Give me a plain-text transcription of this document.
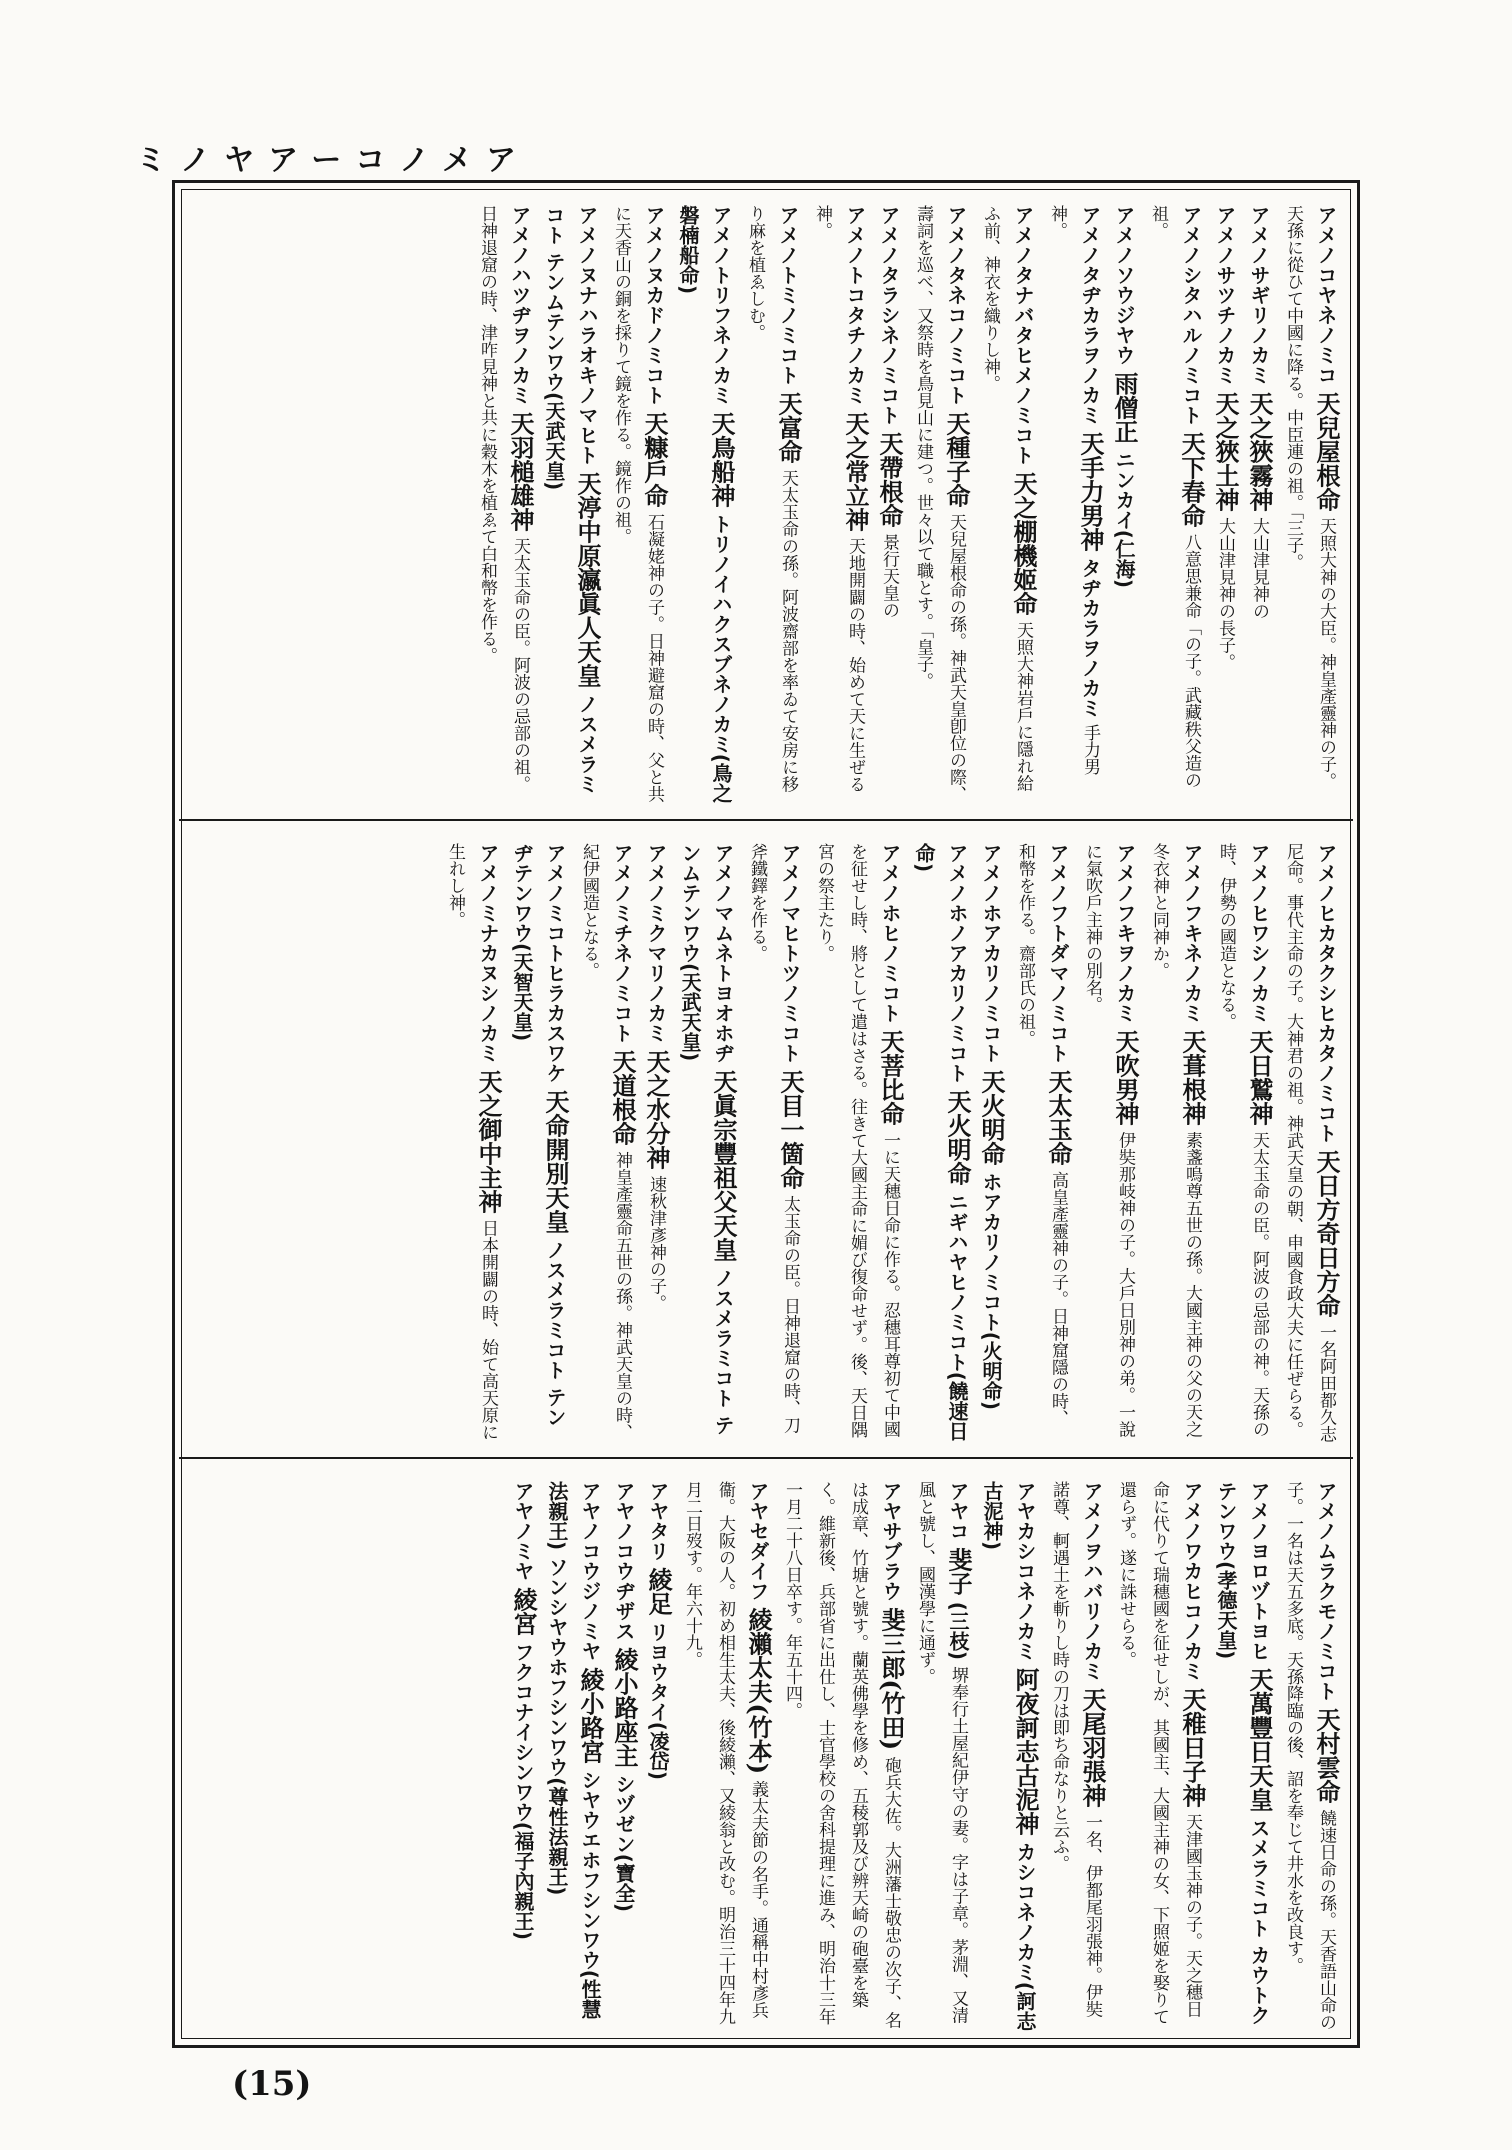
アメノコーアヤノミ
アメノコヤネノミコ 天兒屋根命 天照大神の大臣。神皇產靈神の子。天孫に從ひて中國に降る。中臣連の祖。「三子。
アメノサギリノカミ 天之狹霧神 大山津見神の
アメノサツチノカミ 天之狹土神 大山津見神の長子。
アメノシタハルノミコト 天下春命 八意思兼命「の子。武藏秩父造の祖。
アメノソウジヤウ 雨僧正 ニンカイ(仁海)
アメノタヂカラヲノカミ 天手力男神 タヂカラヲノカミ 手力男神。
アメノタナバタヒメノミコト 天之棚機姬命 天照大神岩戶に隱れ給ふ前、神衣を織りし神。
アメノタネコノミコト 天種子命 天兒屋根命の孫。神武天皇卽位の際、壽詞を巡べ、又祭時を鳥見山に建つ。世々以て職とす。「皇子。
アメノタラシネノミコト 天帶根命 景行天皇の
アメノトコタチノカミ 天之常立神 天地開闢の時、始めて天に生ぜる神。
アメノトミノミコト 天富命 天太玉命の孫。阿波齋部を率ゐて安房に移り麻を植ゑしむ。
アメノトリフネノカミ 天鳥船神 トリノイハクスブネノカミ(鳥之磐楠船命)
アメノヌカドノミコト 天糠戶命 石凝姥神の子。日神避窟の時、父と共に天香山の銅を採りて鏡を作る。鏡作の祖。
アメノヌナハラオキノマヒト 天渟中原瀛眞人天皇 ノスメラミコト テンムテンワウ(天武天皇)
アメノハツヂヲノカミ 天羽槌雄神 天太玉命の臣。阿波の忌部の祖。日神退窟の時、津咋見神と共に穀木を植ゑて白和幣を作る。
アメノヒカタクシヒカタノミコト 天日方奇日方命 一名阿田都久志尼命。事代主命の子。大神君の祖。神武天皇の朝、申國食政大夫に任ぜらる。
アメノヒワシノカミ 天日鷲神 天太玉命の臣。阿波の忌部の神。天孫の時、伊勢の國造となる。
アメノフキネノカミ 天葺根神 素盞嗚尊五世の孫。大國主神の父の天之冬衣神と同神か。
アメノフキヲノカミ 天吹男神 伊奘那岐神の子。大戶日別神の弟。一說に氣吹戶主神の別名。
アメノフトダマノミコト 天太玉命 高皇產靈神の子。日神窟隱の時、和幣を作る。齋部氏の祖。
アメノホアカリノミコト 天火明命 ホアカリノミコト(火明命)
アメノホノアカリノミコト 天火明命 ニギハヤヒノミコト(饒速日命)
アメノホヒノミコト 天菩比命 一に天穗日命に作る。忍穗耳尊初て中國を征せし時、將として遣はさる。往きて大國主命に媚び復命せず。後、天日隅宮の祭主たり。
アメノマヒトツノミコト 天目一箇命 太玉命の臣。日神退窟の時、刀斧鐵鐸を作る。
アメノマムネトヨオホヂ 天眞宗豐祖父天皇 ノスメラミコト テンムテンワウ(天武天皇)
アメノミクマリノカミ 天之水分神 速秋津彥神の子。
アメノミチネノミコト 天道根命 神皇產靈命五世の孫。神武天皇の時、紀伊國造となる。
アメノミコトヒラカスワケ 天命開別天皇 ノスメラミコト テンヂテンワウ(天智天皇)
アメノミナカヌシノカミ 天之御中主神 日本開闢の時、始て高天原に生れし神。
アメノムラクモノミコト 天村雲命 饒速日命の孫。天香語山命の子。一名は天五多底。天孫降臨の後、詔を奉じて井水を改良す。
アメノヨロヅトヨヒ 天萬豐日天皇 スメラミコト カウトクテンワウ(孝德天皇)
アメノワカヒコノカミ 天稚日子神 天津國玉神の子。天之穗日命に代りて瑞穗國を征せしが、其國主、大國主神の女、下照姬を娶りて還らず。遂に誅せらる。
アメノヲハバリノカミ 天尾羽張神 一名、伊都尾羽張神。伊奘諾尊、軻遇土を斬りし時の刀は即ち命なりと云ふ。
アヤカシコネノカミ 阿夜訶志古泥神 カシコネノカミ(訶志古泥神)
アヤコ 斐子 (三枝) 堺奉行土屋紀伊守の妻。字は子章。茅淵、又清風と號し、國漢學に通ず。
アヤサブラウ 斐三郎(竹田) 砲兵大佐。大洲藩士敬忠の次子、名は成章、竹塘と號す。蘭英佛學を修め、五稜郭及び辨天崎の砲臺を築く。維新後、兵部省に出仕し、士官學校の舍科提理に進み、明治十三年一月二十八日卒す。年五十四。
アヤセダイフ 綾瀨太夫(竹本) 義太夫節の名手。通稱中村彥兵衞。大阪の人。初め相生太夫、後綾瀨、又綾翁と改む。明治三十四年九月二日歿す。年六十九。
アヤタリ 綾足 リヨウタイ(凌岱)
アヤノコウヂザス 綾小路座主 シヅゼン(寶全)
アヤノコウジノミヤ 綾小路宮 シヤウエホフシンワウ(性慧法親王) ソンシヤウホフシンワウ(尊性法親王)
アヤノミヤ 綾宮 フクコナイシンワウ(福子內親王)
(15)
